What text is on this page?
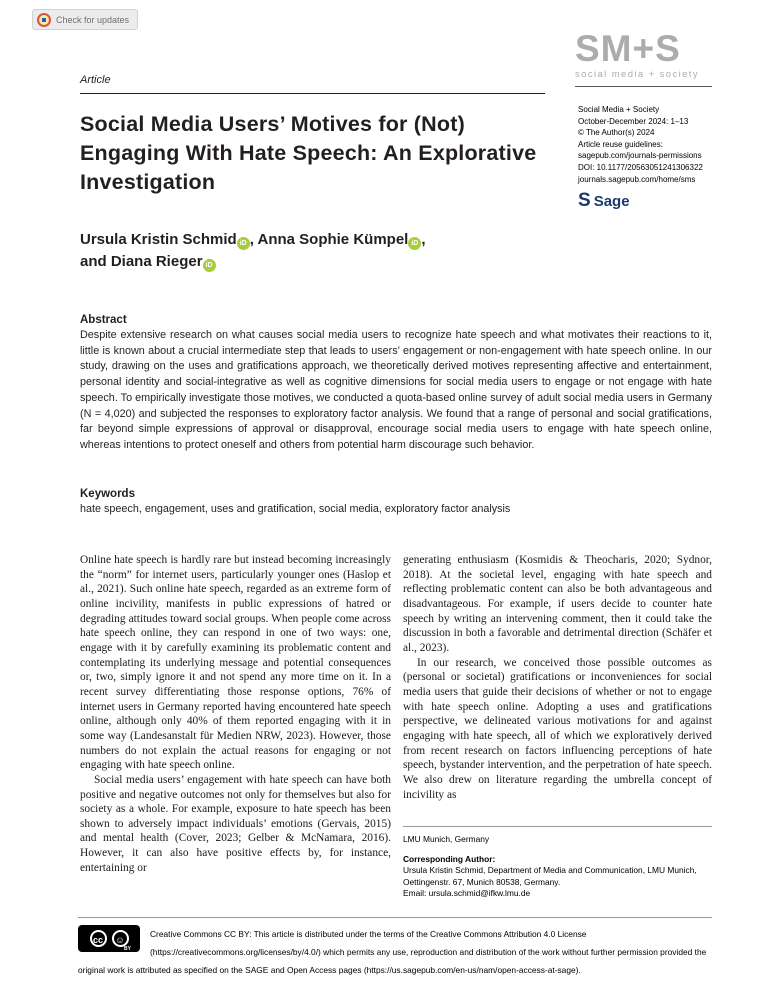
Check for updates
SM+S
social media + society
Social Media + Society
October-December 2024: 1–13
© The Author(s) 2024
Article reuse guidelines:
sagepub.com/journals-permissions
DOI: 10.1177/20563051241306322
journals.sagepub.com/home/sms
S Sage
Article
Social Media Users’ Motives for (Not) Engaging With Hate Speech: An Explorative Investigation
Ursula Kristin Schmid iD , Anna Sophie Kümpel iD ,
and Diana Rieger iD
Abstract
Despite extensive research on what causes social media users to recognize hate speech and what motivates their reactions to it, little is known about a crucial intermediate step that leads to users’ engagement or non-engagement with hate speech online. In our study, drawing on the uses and gratifications approach, we theoretically derived motives representing affective and entertainment, personal identity and social-integrative as well as cognitive dimensions for social media users to engage or not engage with hate speech. To empirically investigate those motives, we conducted a quota-based online survey of adult social media users in Germany (N = 4,020) and subjected the responses to exploratory factor analysis. We found that a range of personal and social gratifications, far beyond simple expressions of approval or disapproval, encourage social media users to engage with hate speech online, whereas intentions to protect oneself and others from potential harm discourage such behavior.
Keywords
hate speech, engagement, uses and gratification, social media, exploratory factor analysis

Online hate speech is hardly rare but instead becoming increasingly the “norm” for internet users, particularly younger ones (Haslop et al., 2021). Such online hate speech, regarded as an extreme form of online incivility, manifests in public expressions of hatred or degrading attitudes toward social groups. When people come across hate speech online, they can respond in one of two ways: one, engage with it by carefully examining its problematic content and contemplating its underlying message and potential consequences or, two, simply ignore it and not spend any more time on it. In a recent survey differentiating those response options, 76% of internet users in Germany reported having encountered hate speech online, although only 40% of them reported engaging with it in some way (Landesanstalt für Medien NRW, 2023). However, those numbers do not explain the actual reasons for engaging or not engaging with hate speech online.

Social media users’ engagement with hate speech can have both positive and negative outcomes not only for themselves but also for society as a whole. For example, exposure to hate speech has been shown to adversely impact individuals’ emotions (Gervais, 2015) and mental health (Cover, 2023; Gelber & McNamara, 2016). However, it can also have positive effects by, for instance, entertaining or

generating enthusiasm (Kosmidis & Theocharis, 2020; Sydnor, 2018). At the societal level, engaging with hate speech and reflecting problematic content can also be both advantageous and disadvantageous. For example, if users decide to counter hate speech by writing an intervening comment, then it could take the discussion in both a favorable and detrimental direction (Schäfer et al., 2023).

In our research, we conceived those possible outcomes as (personal or societal) gratifications or inconveniences for social media users that guide their decisions of whether or not to engage with hate speech online. Adopting a uses and gratifications perspective, we delineated various motivations for and against engaging with hate speech, all of which we exploratively derived from recent research on factors influencing perceptions of hate speech, bystander intervention, and the perpetration of hate speech. We also drew on literature regarding the umbrella concept of incivility as

LMU Munich, Germany
Corresponding Author:
Ursula Kristin Schmid, Department of Media and Communication, LMU Munich, Oettingenstr. 67, Munich 80538, Germany.
Email: ursula.schmid@ifkw.lmu.de
cc	☺
BY
Creative Commons CC BY: This article is distributed under the terms of the Creative Commons Attribution 4.0 License (https://creativecommons.org/licenses/by/4.0/) which permits any use, reproduction and distribution of the work without further permission provided the original work is attributed as specified on the SAGE and Open Access pages (https://us.sagepub.com/en-us/nam/open-access-at-sage).
